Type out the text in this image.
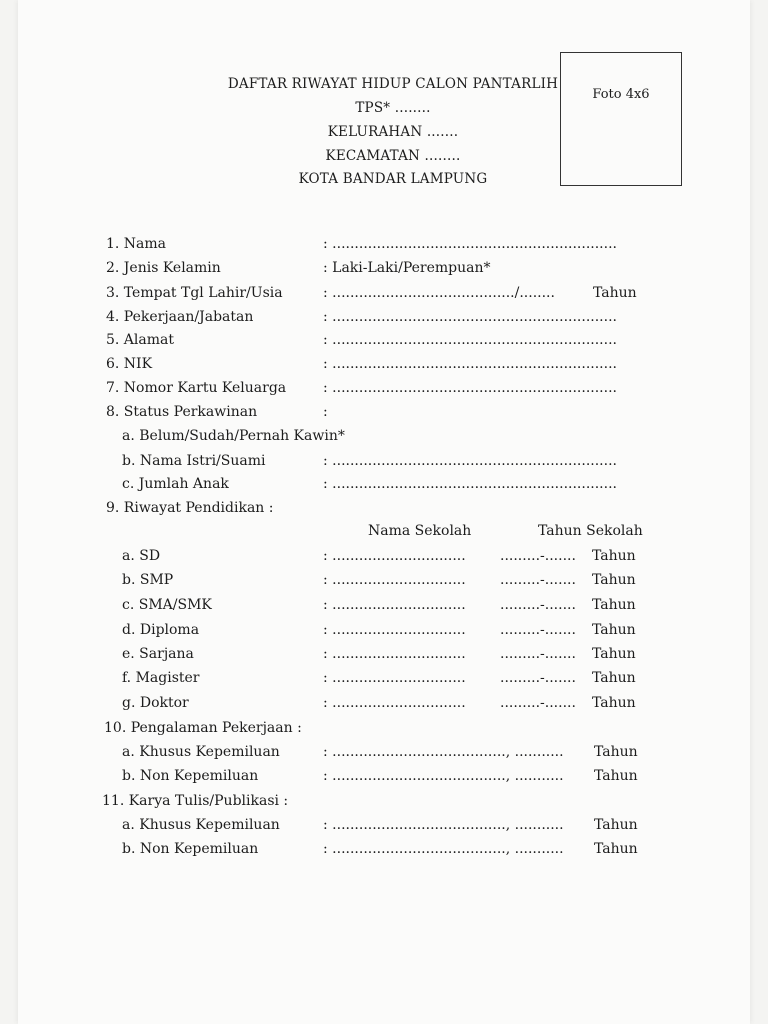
DAFTAR RIWAYAT HIDUP CALON PANTARLIH
TPS* ........
KELURAHAN .......
KECAMATAN ........
KOTA BANDAR LAMPUNG
Foto 4x6
1. Nama	: ................................................................
2. Jenis Kelamin	: Laki-Laki/Perempuan*
3. Tempat Tgl Lahir/Usia	: ........................................./........	Tahun
4. Pekerjaan/Jabatan	: ................................................................
5. Alamat	: ................................................................
6. NIK	: ................................................................
7. Nomor Kartu Keluarga	: ................................................................
8. Status Perkawinan	:
a. Belum/Sudah/Pernah Kawin*
b. Nama Istri/Suami	: ................................................................
c. Jumlah Anak	: ................................................................
9. Riwayat Pendidikan :
Nama Sekolah	Tahun Sekolah
a. SD	: .............................. .........-....... Tahun
b. SMP	: .............................. .........-....... Tahun
c. SMA/SMK	: .............................. .........-....... Tahun
d. Diploma	: .............................. .........-....... Tahun
e. Sarjana	: .............................. .........-....... Tahun
f. Magister	: .............................. .........-....... Tahun
g. Doktor	: .............................. .........-....... Tahun
10. Pengalaman Pekerjaan :
a. Khusus Kepemiluan	: ......................................., ........... Tahun
b. Non Kepemiluan	: ......................................., ........... Tahun
11. Karya Tulis/Publikasi :
a. Khusus Kepemiluan	: ......................................., ........... Tahun
b. Non Kepemiluan	: ......................................., ........... Tahun
